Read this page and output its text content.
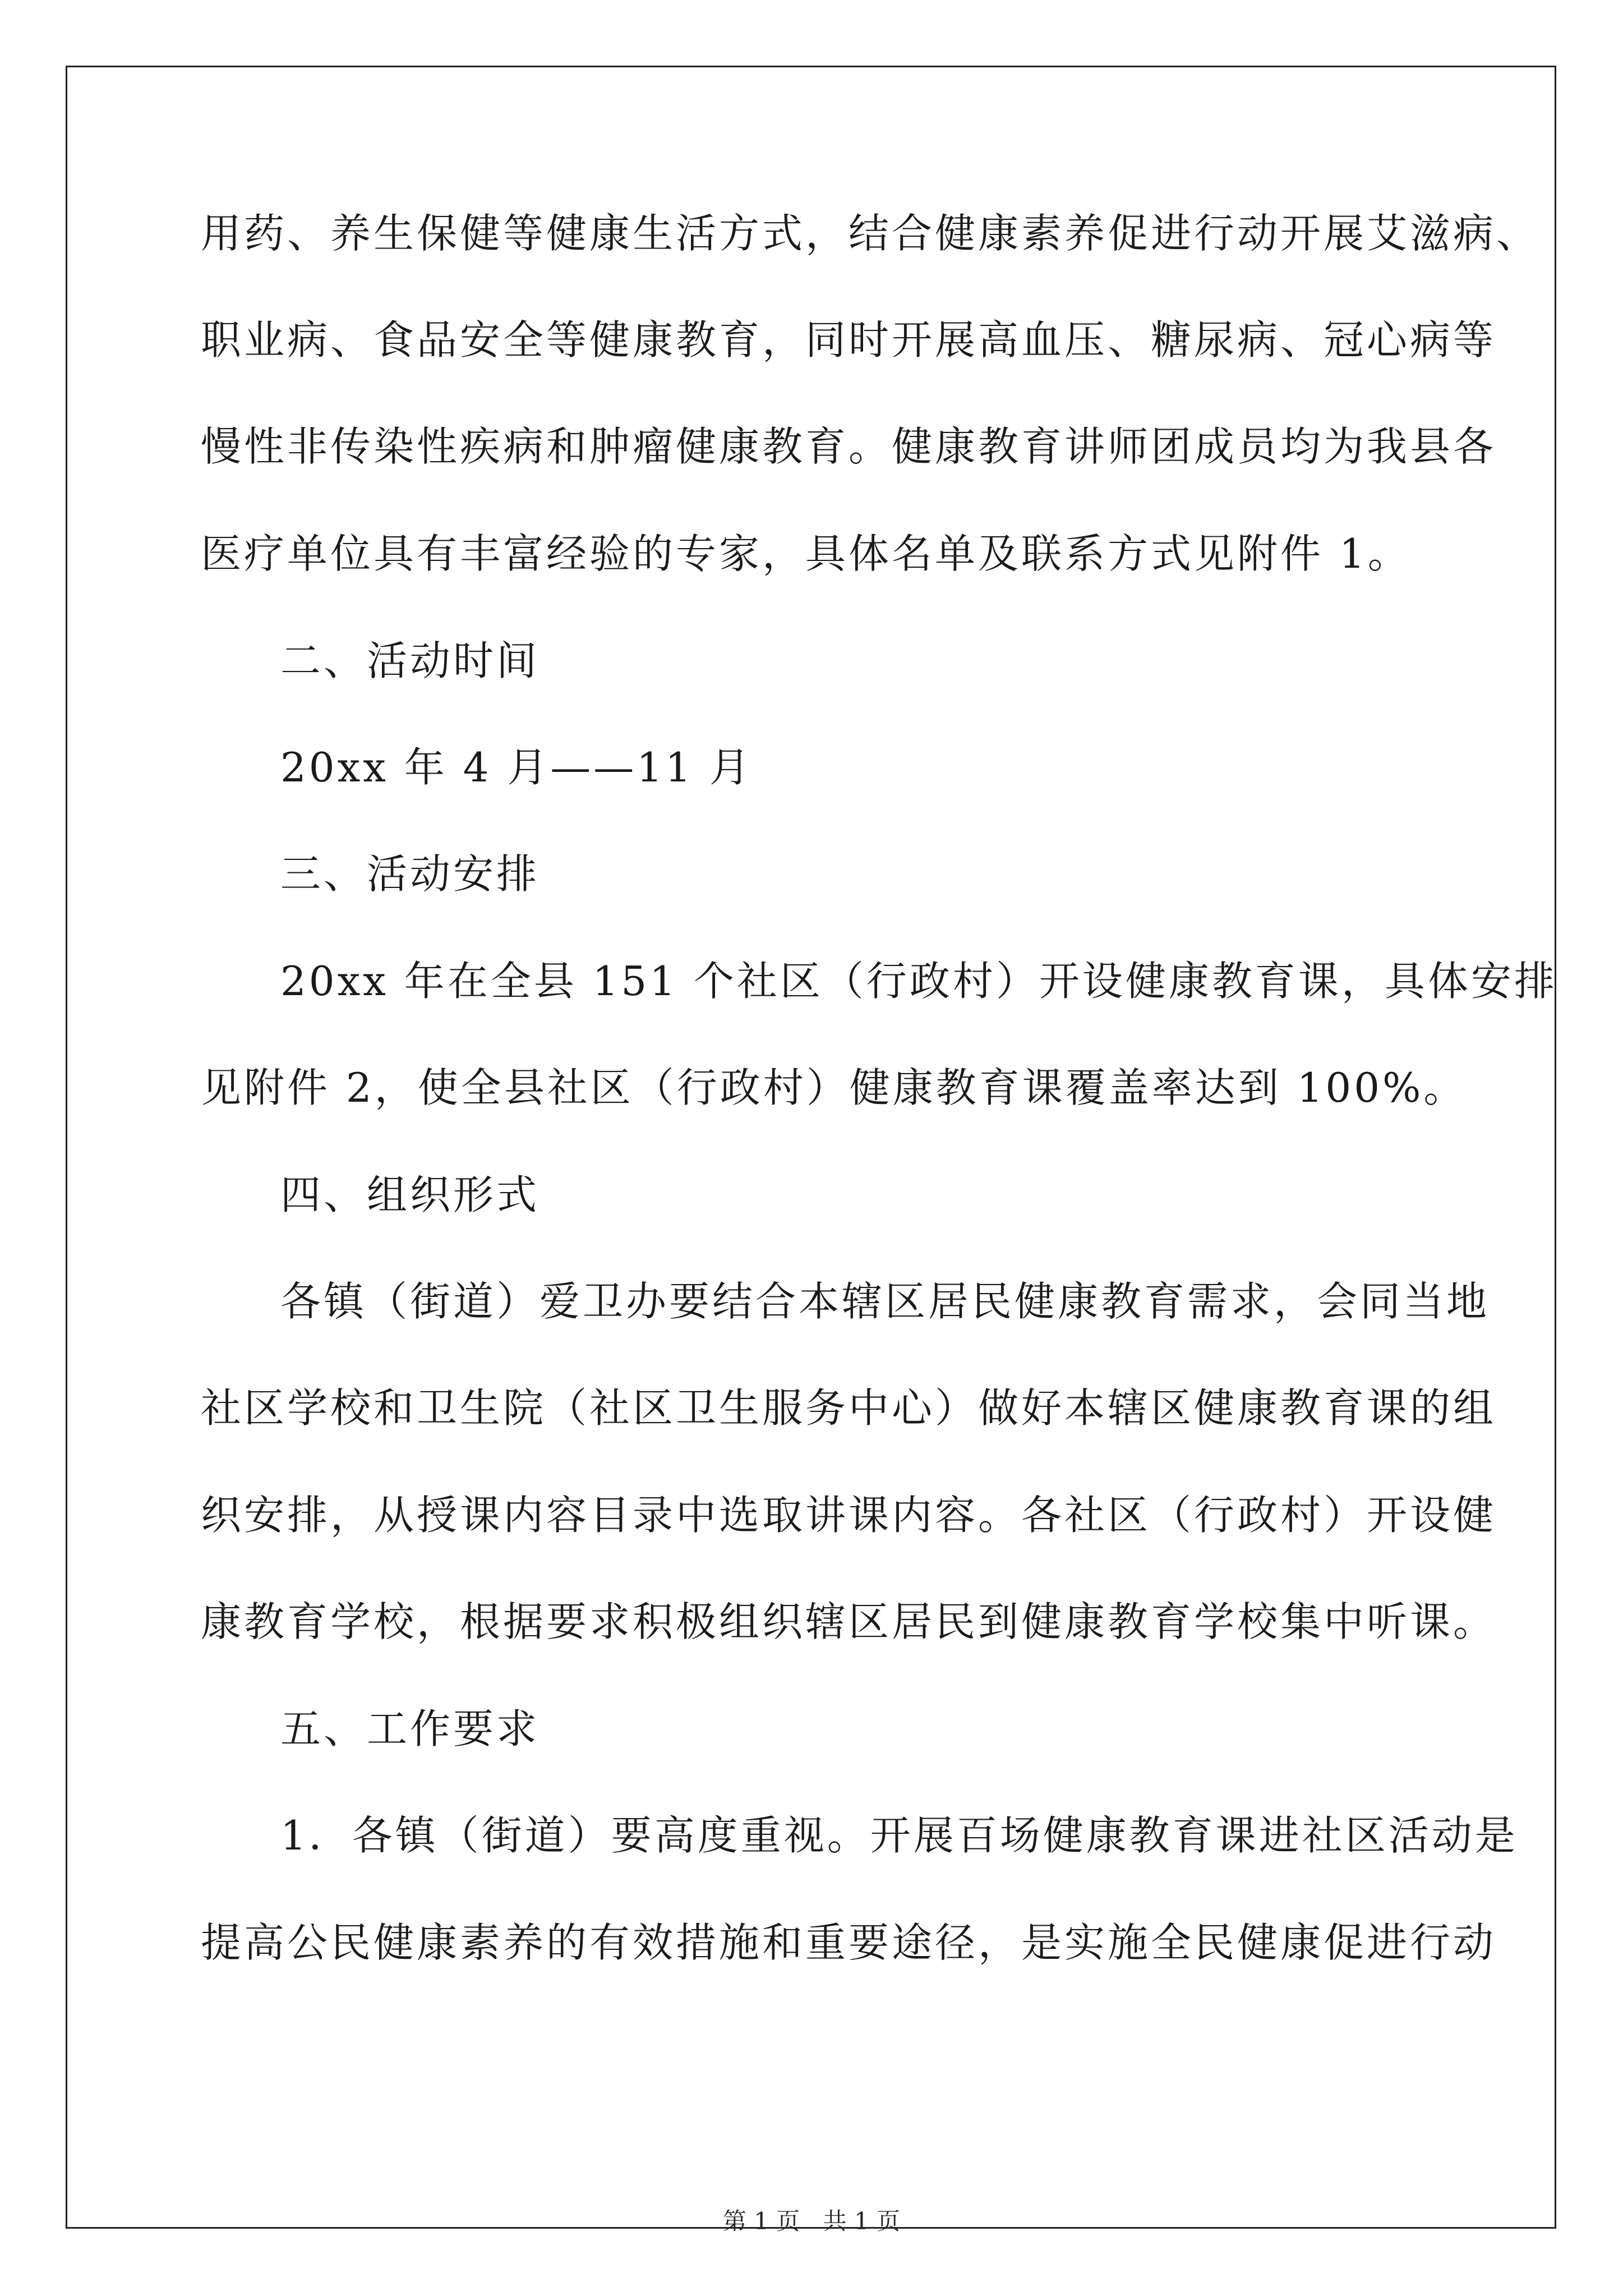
用药、养生保健等健康生活方式，结合健康素养促进行动开展艾滋病、
职业病、食品安全等健康教育，同时开展高血压、糖尿病、冠心病等
慢性非传染性疾病和肿瘤健康教育。健康教育讲师团成员均为我县各
医疗单位具有丰富经验的专家，具体名单及联系方式见附件 1。
二、活动时间
20xx 年 4 月——11 月
三、活动安排
20xx 年在全县 151 个社区（行政村）开设健康教育课，具体安排
见附件 2，使全县社区（行政村）健康教育课覆盖率达到 100%。
四、组织形式
各镇（街道）爱卫办要结合本辖区居民健康教育需求，会同当地
社区学校和卫生院（社区卫生服务中心）做好本辖区健康教育课的组
织安排，从授课内容目录中选取讲课内容。各社区（行政村）开设健
康教育学校，根据要求积极组织辖区居民到健康教育学校集中听课。
五、工作要求
1．各镇（街道）要高度重视。开展百场健康教育课进社区活动是
提高公民健康素养的有效措施和重要途径，是实施全民健康促进行动
第 1 页 共 1 页
